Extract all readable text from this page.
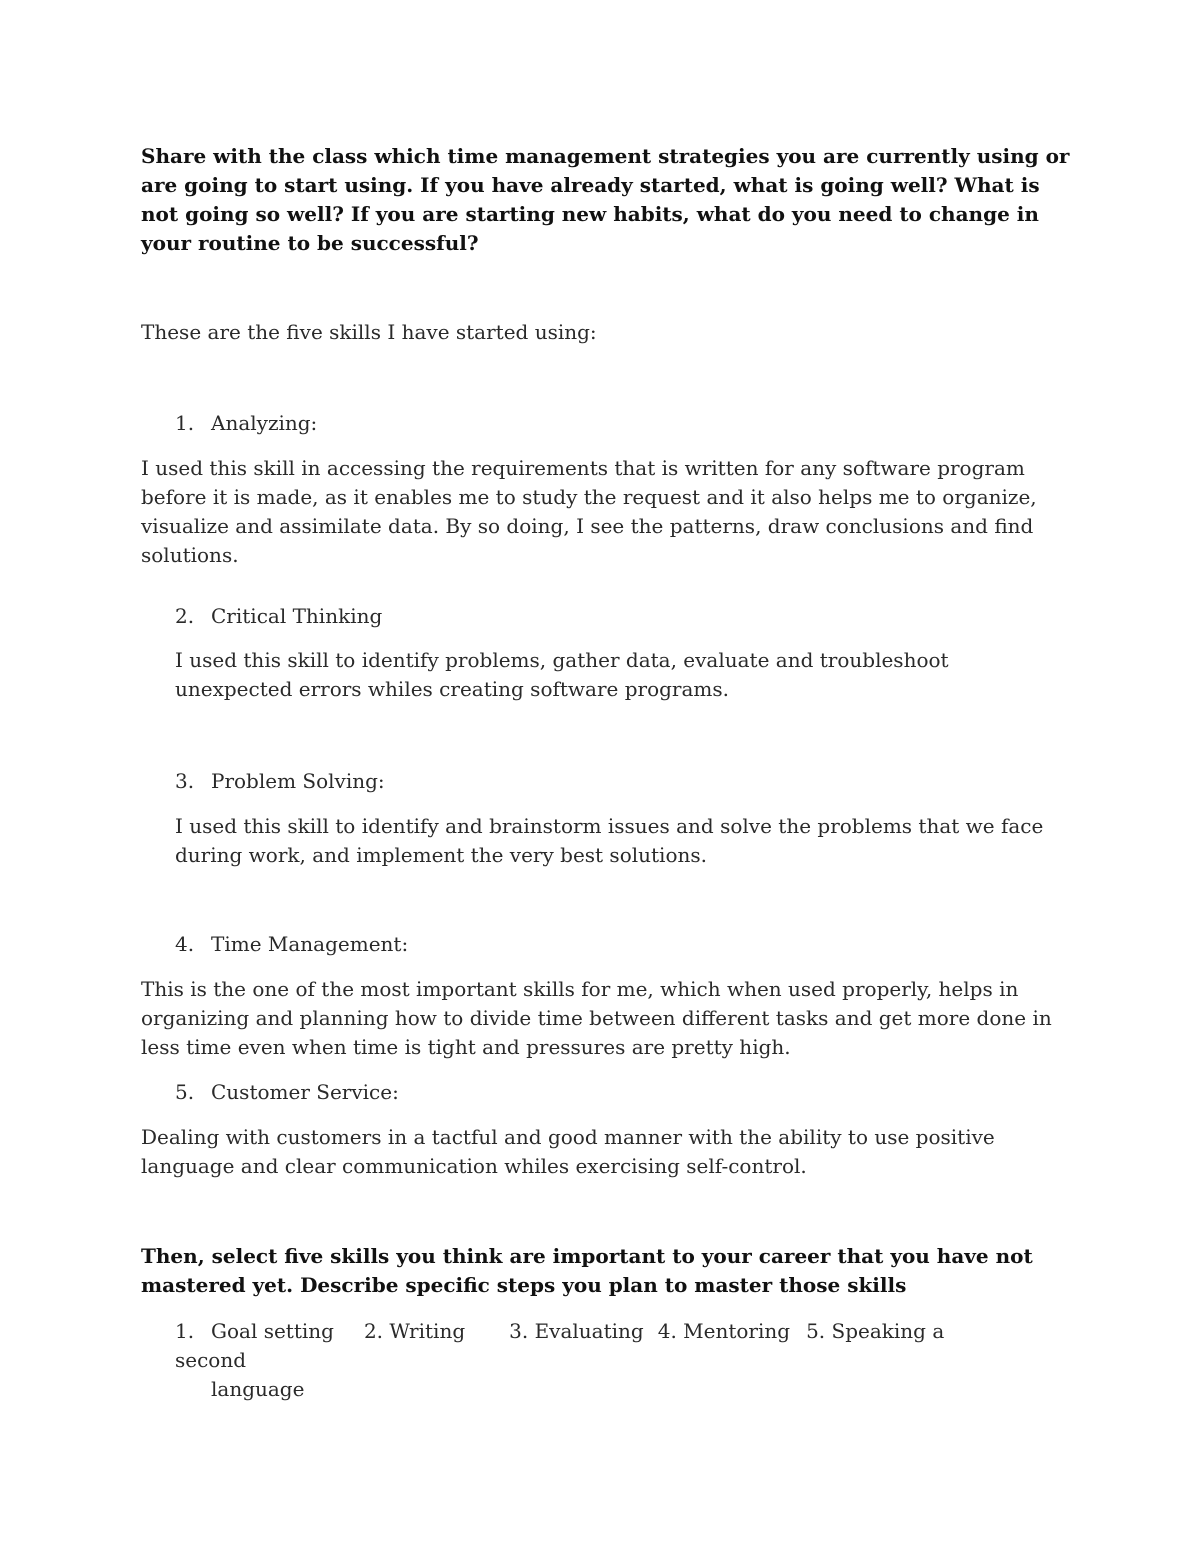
Share with the class which time management strategies you are currently using or are going to start using. If you have already started, what is going well? What is not going so well? If you are starting new habits, what do you need to change in your routine to be successful?

These are the five skills I have started using:

1. Analyzing:

I used this skill in accessing the requirements that is written for any software program before it is made, as it enables me to study the request and it also helps me to organize, visualize and assimilate data. By so doing, I see the patterns, draw conclusions and find solutions.

2. Critical Thinking

I used this skill to identify problems, gather data, evaluate and troubleshoot unexpected errors whiles creating software programs.

3. Problem Solving:

I used this skill to identify and brainstorm issues and solve the problems that we face during work, and implement the very best solutions.

4. Time Management:

This is the one of the most important skills for me, which when used properly, helps in organizing and planning how to divide time between different tasks and get more done in less time even when time is tight and pressures are pretty high.

5. Customer Service:

Dealing with customers in a tactful and good manner with the ability to use positive language and clear communication whiles exercising self-control.

Then, select five skills you think are important to your career that you have not mastered yet. Describe specific steps you plan to master those skills

1. Goal setting 2. Writing 3. Evaluating 4. Mentoring 5. Speaking a second
language
